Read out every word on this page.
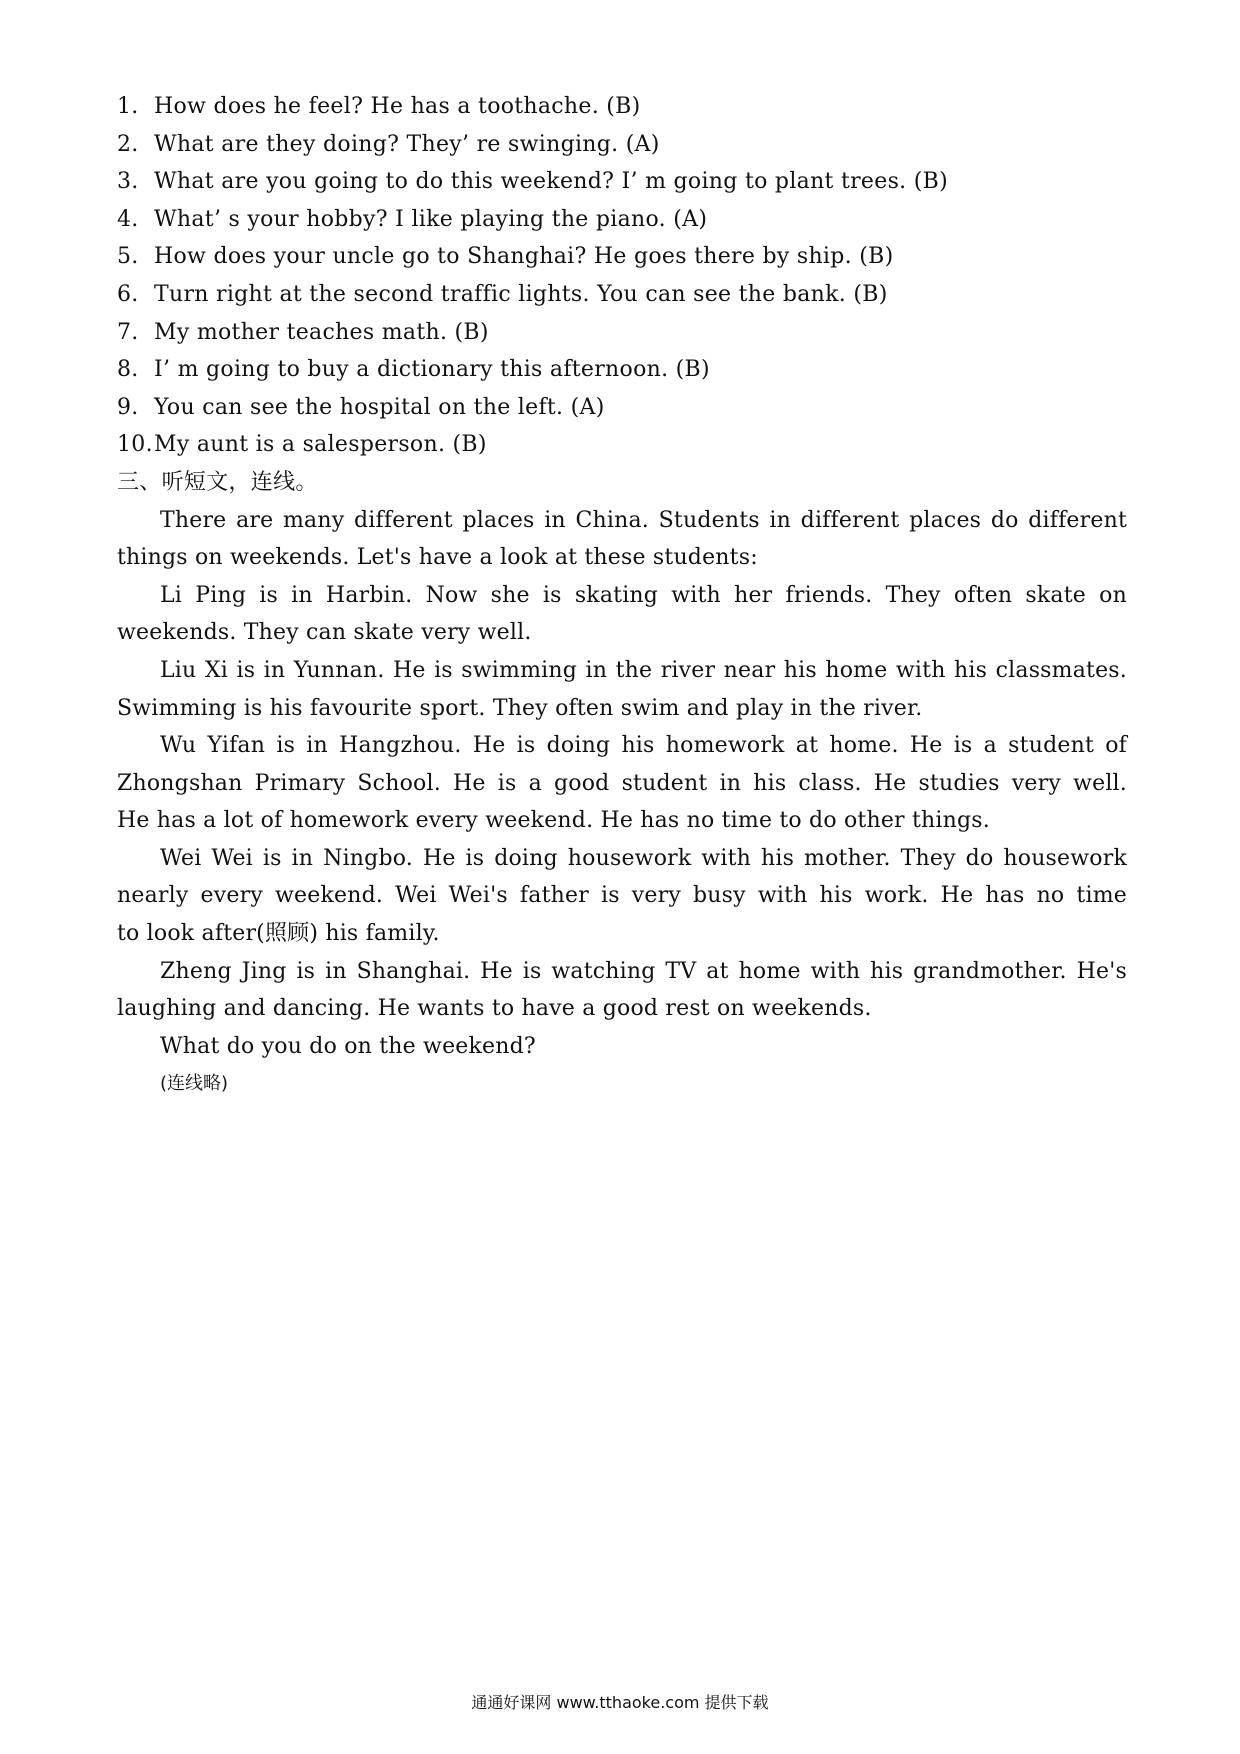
1. How does he feel? He has a toothache. (B)
2. What are they doing? They’ re swinging. (A)
3. What are you going to do this weekend? I’ m going to plant trees. (B)
4. What’ s your hobby? I like playing the piano. (A)
5. How does your uncle go to Shanghai? He goes there by ship. (B)
6. Turn right at the second traffic lights. You can see the bank. (B)
7. My mother teaches math. (B)
8. I’ m going to buy a dictionary this afternoon. (B)
9. You can see the hospital on the left. (A)
10. My aunt is a salesperson. (B)
三、听短文，连线。
There are many different places in China. Students in different places do different
things on weekends. Let's have a look at these students:
Li Ping is in Harbin. Now she is skating with her friends. They often skate on
weekends. They can skate very well.
Liu Xi is in Yunnan. He is swimming in the river near his home with his classmates.
Swimming is his favourite sport. They often swim and play in the river.
Wu Yifan is in Hangzhou. He is doing his homework at home. He is a student of
Zhongshan Primary School. He is a good student in his class. He studies very well.
He has a lot of homework every weekend. He has no time to do other things.
Wei Wei is in Ningbo. He is doing housework with his mother. They do housework
nearly every weekend. Wei Wei's father is very busy with his work. He has no time
to look after(照顾) his family.
Zheng Jing is in Shanghai. He is watching TV at home with his grandmother. He's
laughing and dancing. He wants to have a good rest on weekends.
What do you do on the weekend?
(连线略)
通通好课网 www.tthaoke.com 提供下载
